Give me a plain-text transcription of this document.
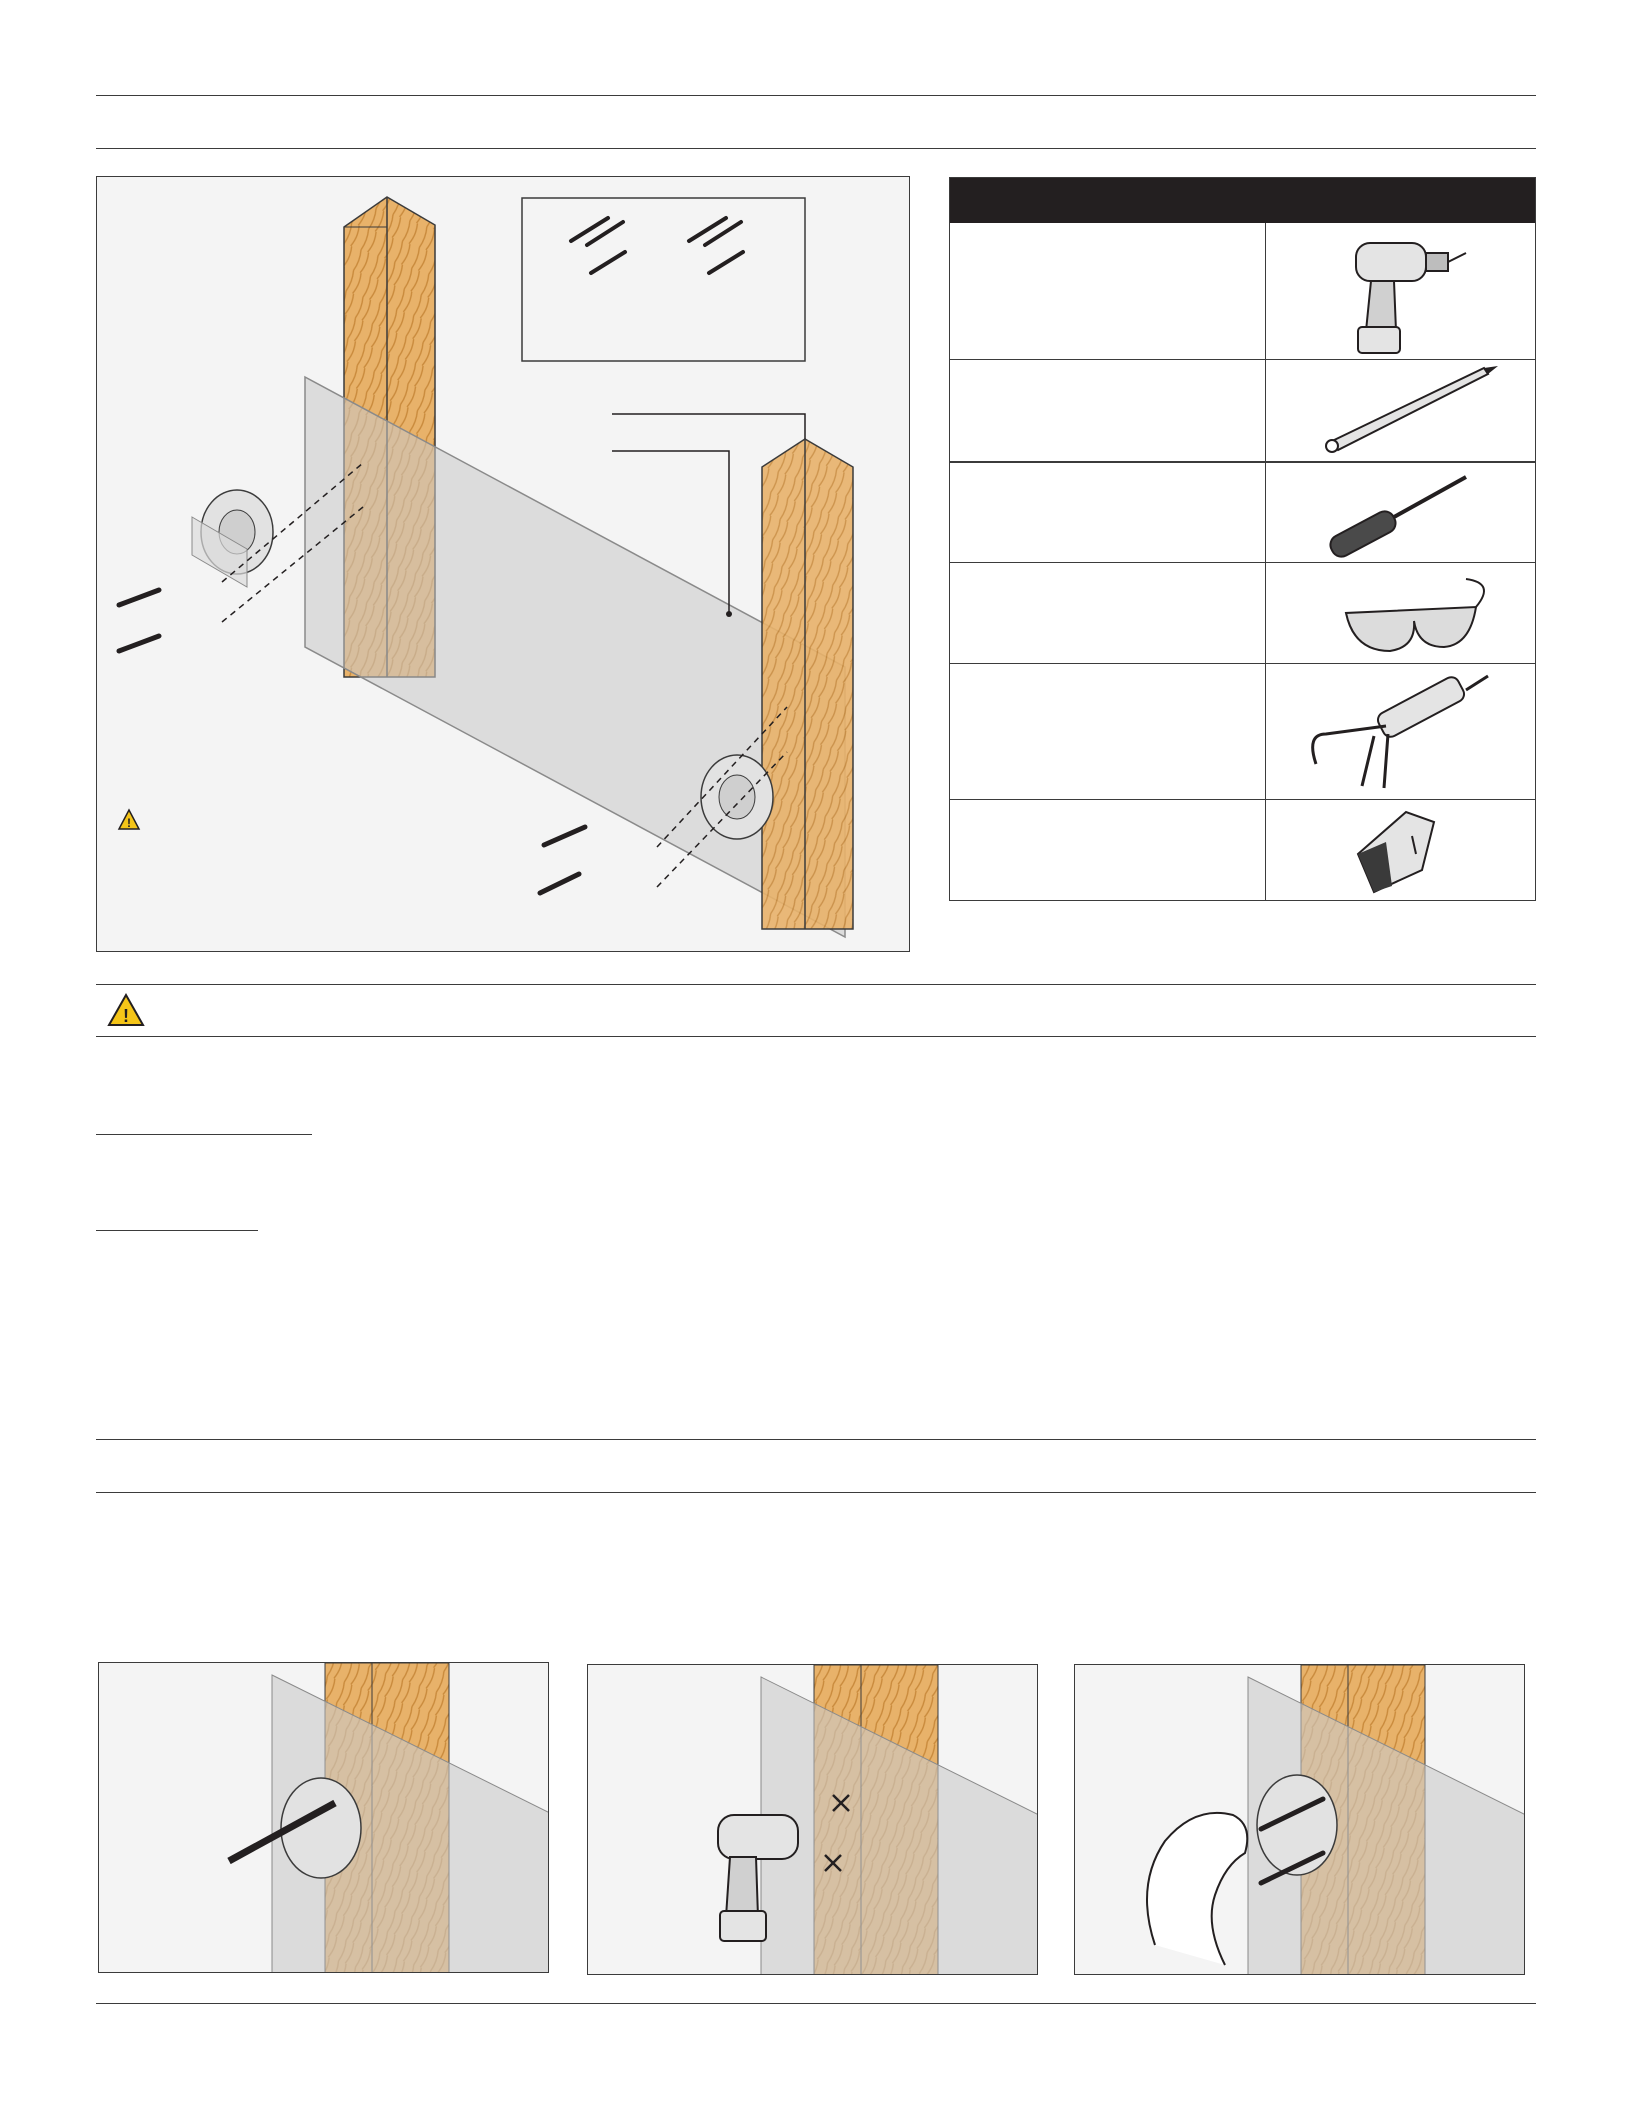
!
!
